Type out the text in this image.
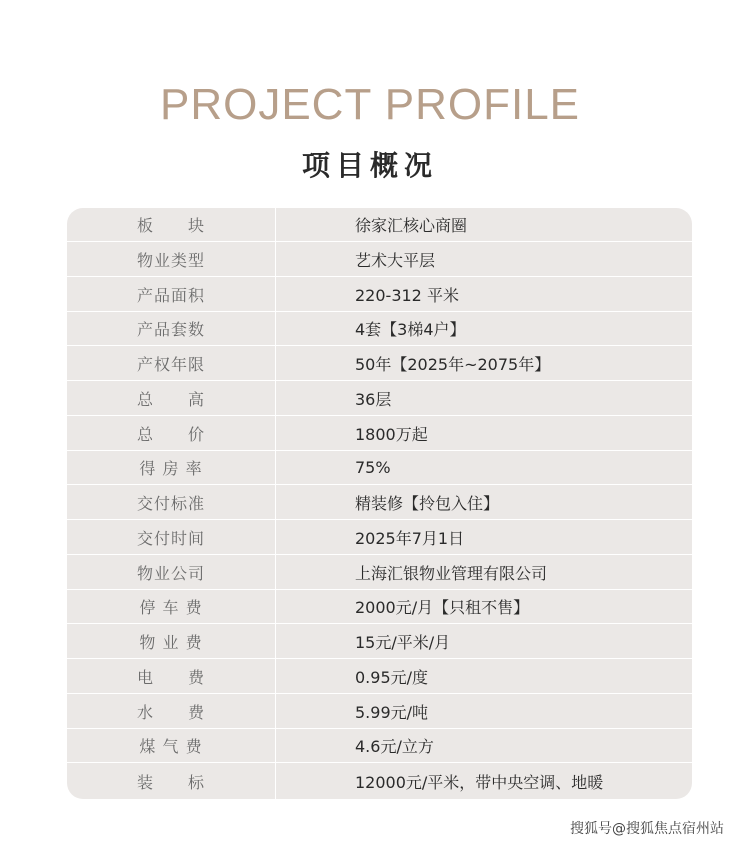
PROJECT PROFILE
项目概况
板　　块	徐家汇核心商圈
物业类型	艺术大平层
产品面积	220-312 平米
产品套数	4套【3梯4户】
产权年限	50年【2025年~2075年】
总　　高	36层
总　　价	1800万起
得 房 率	75%
交付标准	精装修【拎包入住】
交付时间	2025年7月1日
物业公司	上海汇银物业管理有限公司
停 车 费	2000元/月【只租不售】
物 业 费	15元/平米/月
电　　费	0.95元/度
水　　费	5.99元/吨
煤 气 费	4.6元/立方
装　　标	12000元/平米，带中央空调、地暖
搜狐号@搜狐焦点宿州站
